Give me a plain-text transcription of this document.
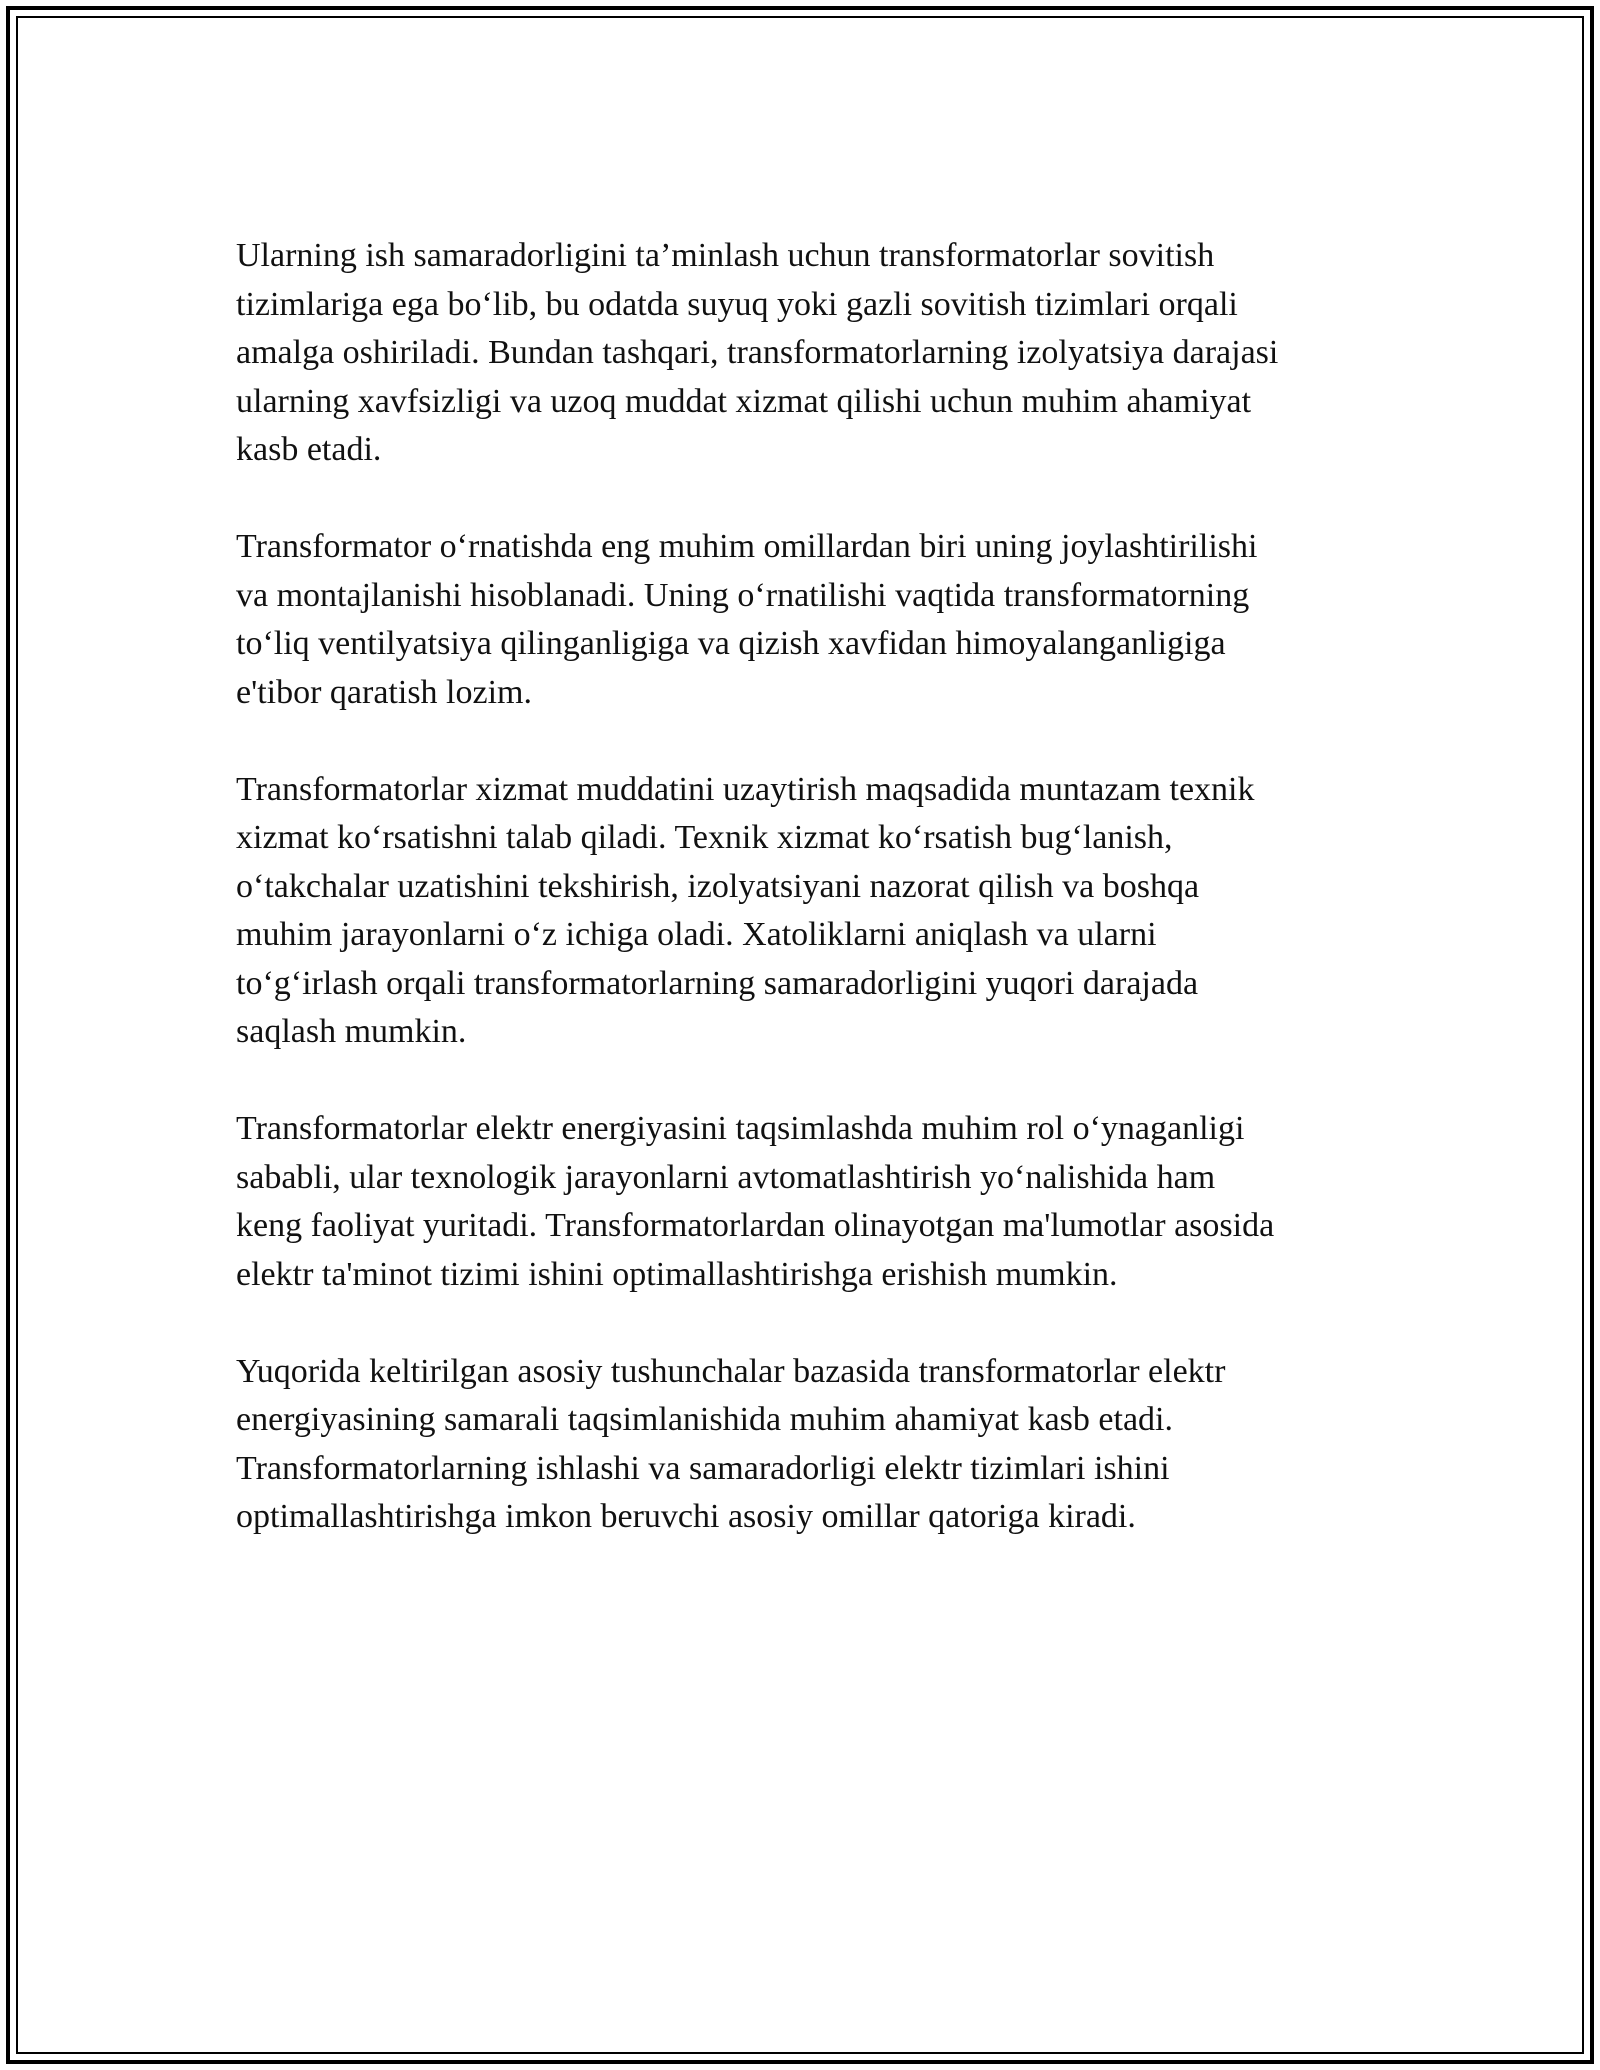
Ularning ish samaradorligini ta’minlash uchun transformatorlar sovitish
tizimlariga ega bo‘lib, bu odatda suyuq yoki gazli sovitish tizimlari orqali
amalga oshiriladi. Bundan tashqari, transformatorlarning izolyatsiya darajasi
ularning xavfsizligi va uzoq muddat xizmat qilishi uchun muhim ahamiyat
kasb etadi.

Transformator o‘rnatishda eng muhim omillardan biri uning joylashtirilishi
va montajlanishi hisoblanadi. Uning o‘rnatilishi vaqtida transformatorning
to‘liq ventilyatsiya qilinganligiga va qizish xavfidan himoyalanganligiga
e'tibor qaratish lozim.

Transformatorlar xizmat muddatini uzaytirish maqsadida muntazam texnik
xizmat ko‘rsatishni talab qiladi. Texnik xizmat ko‘rsatish bug‘lanish,
o‘takchalar uzatishini tekshirish, izolyatsiyani nazorat qilish va boshqa
muhim jarayonlarni o‘z ichiga oladi. Xatoliklarni aniqlash va ularni
to‘g‘irlash orqali transformatorlarning samaradorligini yuqori darajada
saqlash mumkin.

Transformatorlar elektr energiyasini taqsimlashda muhim rol o‘ynaganligi
sababli, ular texnologik jarayonlarni avtomatlashtirish yo‘nalishida ham
keng faoliyat yuritadi. Transformatorlardan olinayotgan ma'lumotlar asosida
elektr ta'minot tizimi ishini optimallashtirishga erishish mumkin.

Yuqorida keltirilgan asosiy tushunchalar bazasida transformatorlar elektr
energiyasining samarali taqsimlanishida muhim ahamiyat kasb etadi.
Transformatorlarning ishlashi va samaradorligi elektr tizimlari ishini
optimallashtirishga imkon beruvchi asosiy omillar qatoriga kiradi.
